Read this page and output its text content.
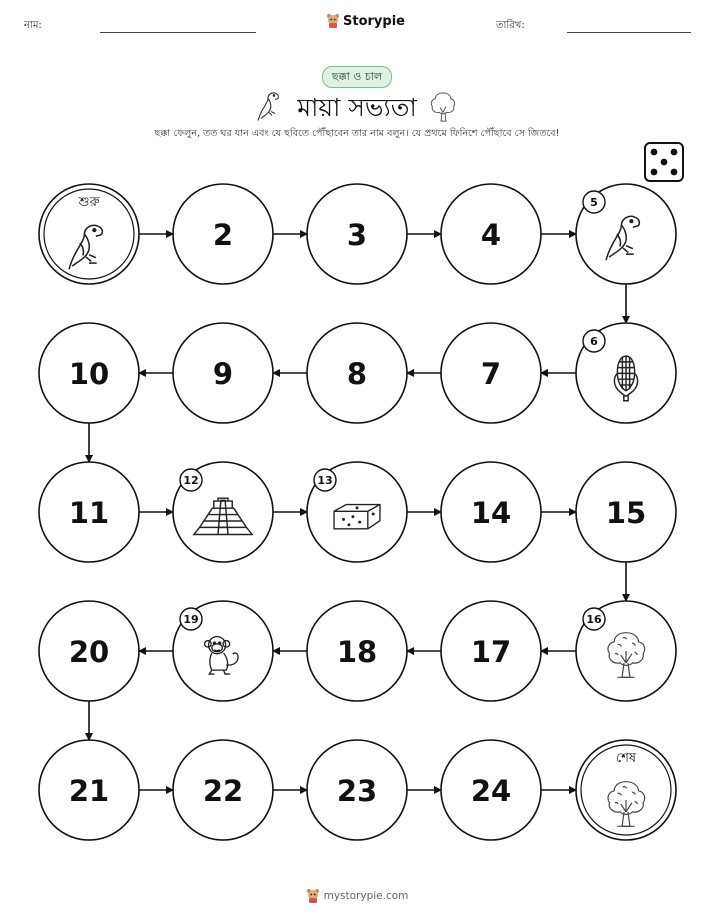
নাম:	Storypie	তারিখ:
ছক্কা ও চাল
মায়া সভ্যতা
ছক্কা ফেলুন, তত ঘর যান এবং যে ছবিতে পৌঁছাবেন তার নাম বলুন। যে প্রথমে ফিনিশে পৌঁছাবে সে জিতবে!
শুরু
2	3	4
5
6
7
8
9
10
11
12	13
14	15
16
17
18
19
20
21	22	23	24
শেষ
mystorypie.com
